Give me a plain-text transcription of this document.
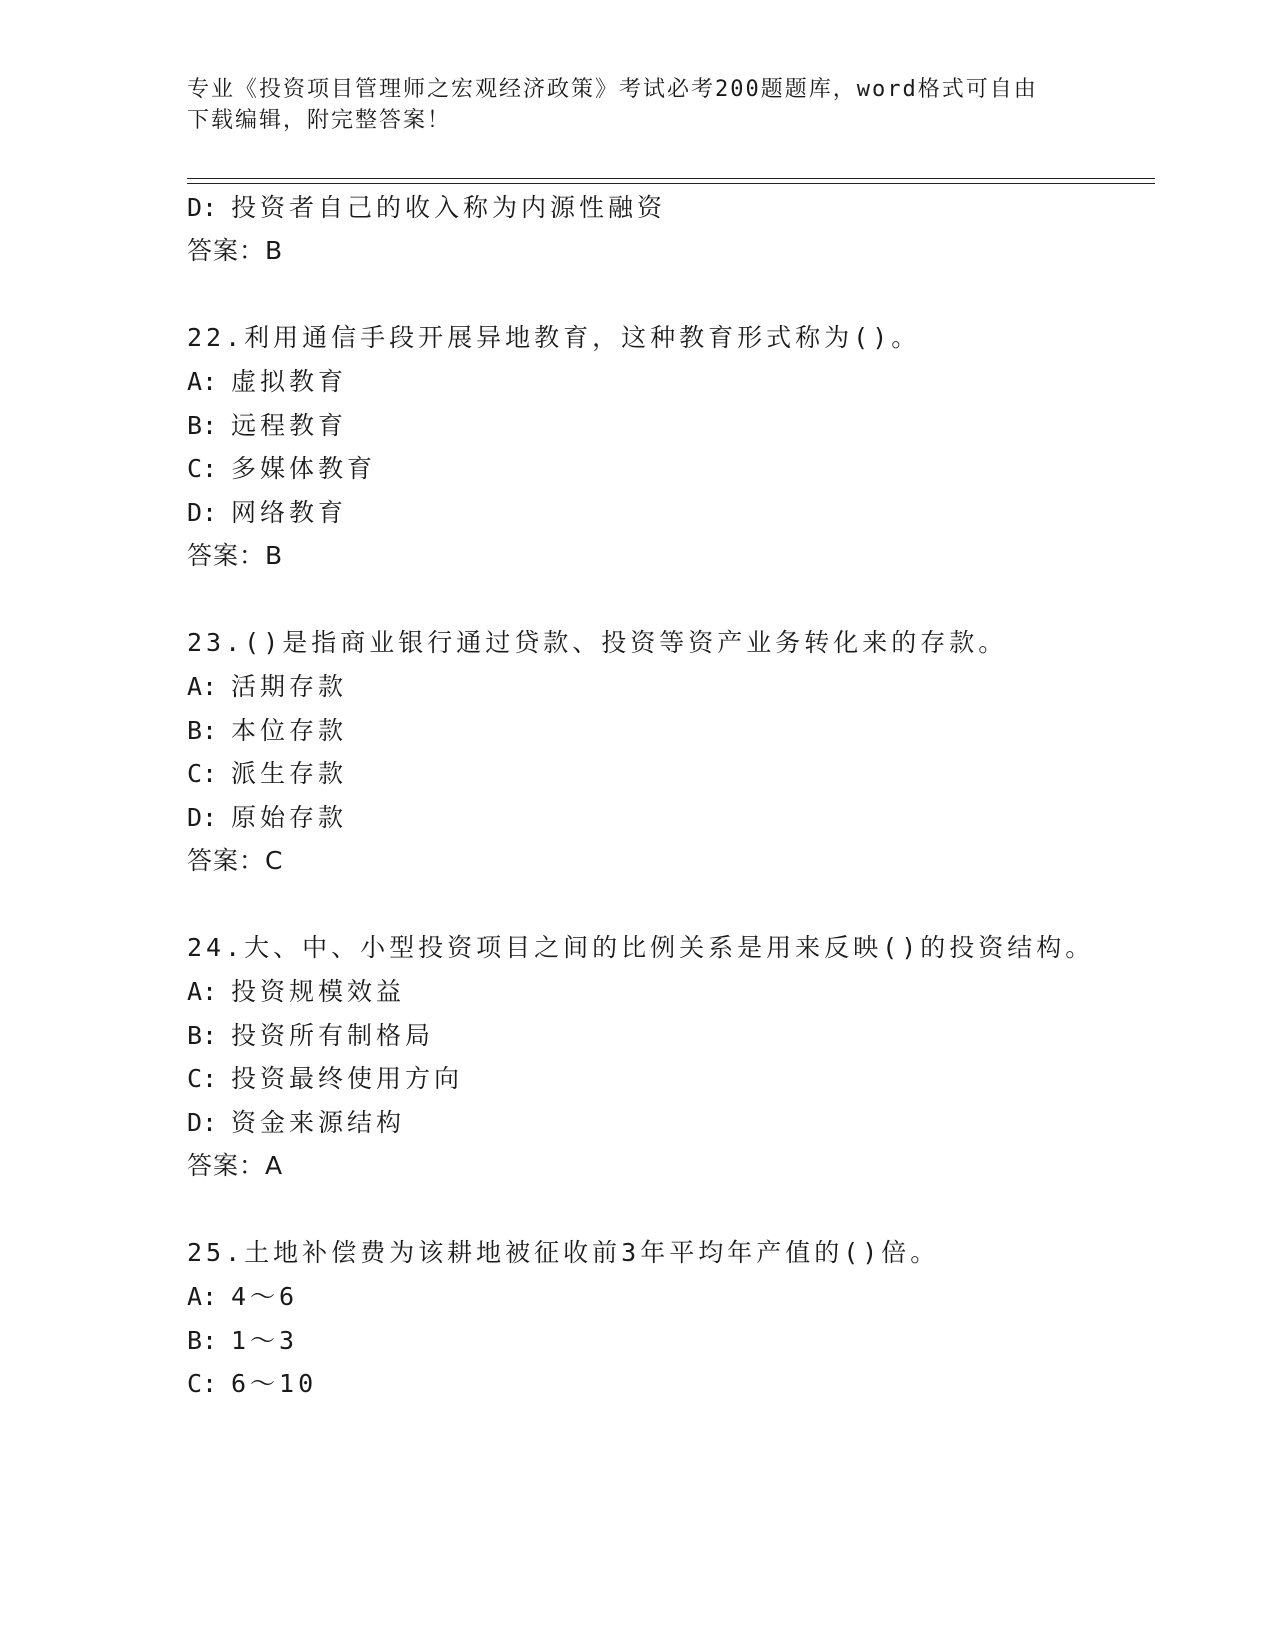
专业《投资项目管理师之宏观经济政策》考试必考200题题库，word格式可自由
下载编辑，附完整答案！
D: 投资者自己的收入称为内源性融资
答案：B
22.利用通信手段开展异地教育，这种教育形式称为()。
A: 虚拟教育
B: 远程教育
C: 多媒体教育
D: 网络教育
答案：B
23.()是指商业银行通过贷款、投资等资产业务转化来的存款。
A: 活期存款
B: 本位存款
C: 派生存款
D: 原始存款
答案：C
24.大、中、小型投资项目之间的比例关系是用来反映()的投资结构。
A: 投资规模效益
B: 投资所有制格局
C: 投资最终使用方向
D: 资金来源结构
答案：A
25.土地补偿费为该耕地被征收前3年平均年产值的()倍。
A: 4～6
B: 1～3
C: 6～10
